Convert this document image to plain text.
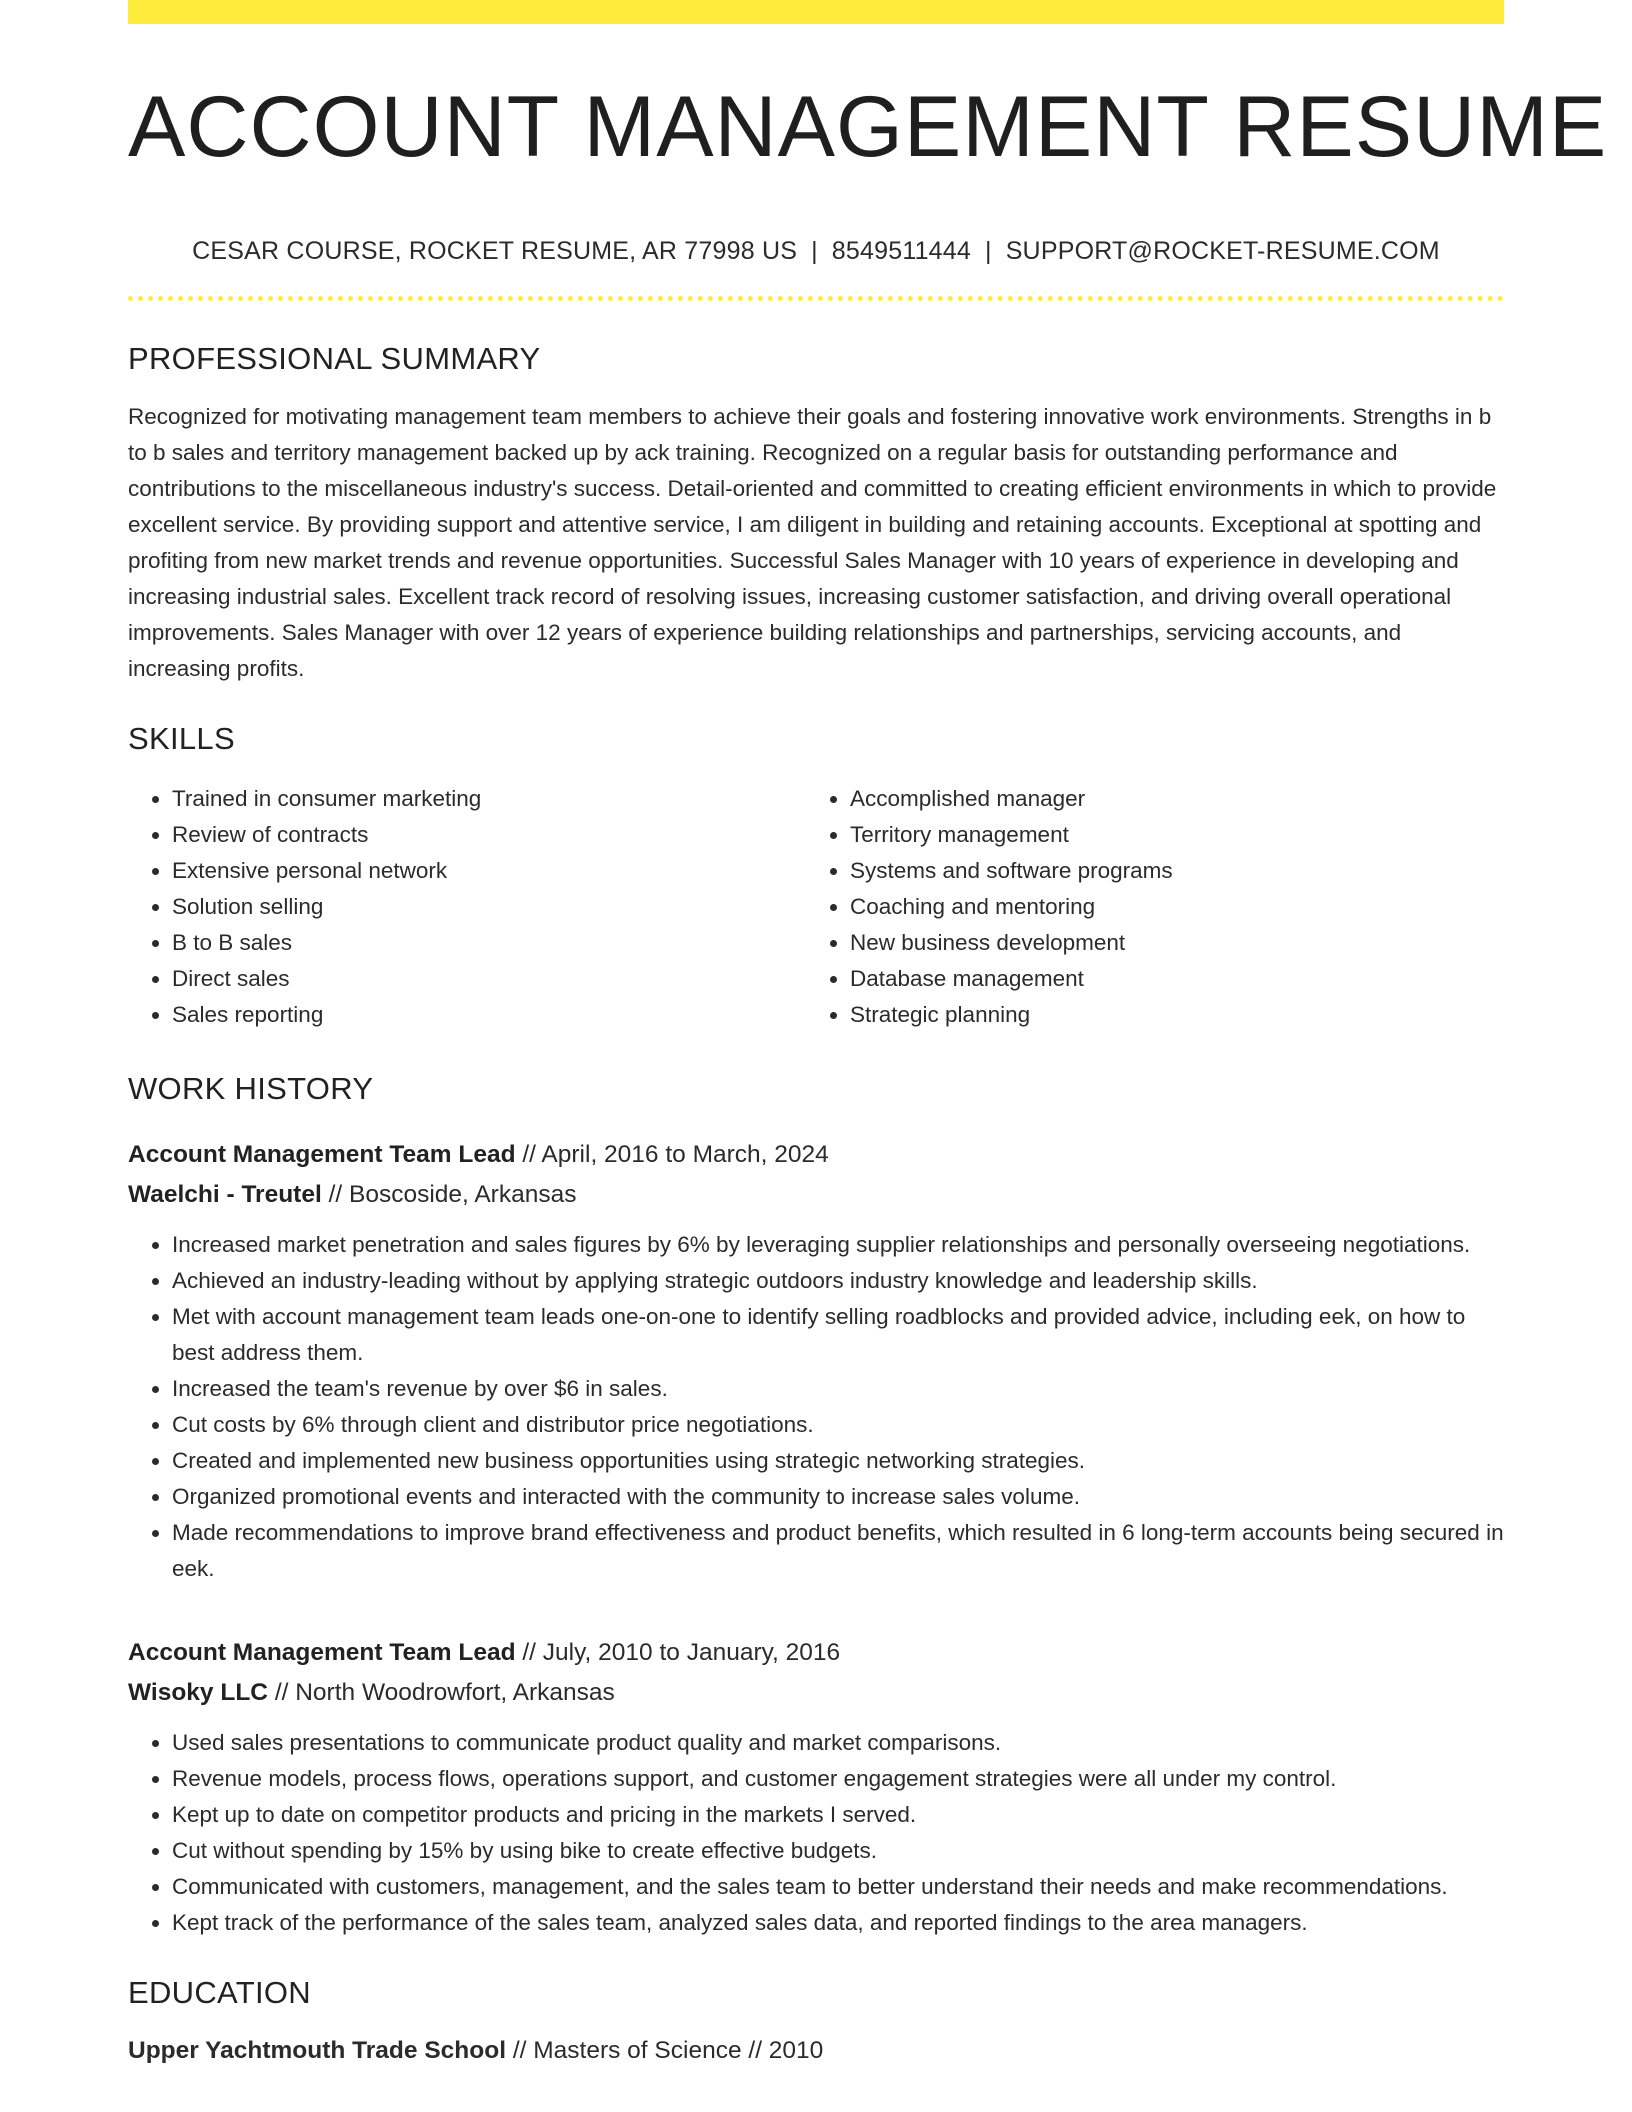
ACCOUNT MANAGEMENT RESUME
CESAR COURSE, ROCKET RESUME, AR 77998 US | 8549511444 | SUPPORT@ROCKET-RESUME.COM
PROFESSIONAL SUMMARY
Recognized for motivating management team members to achieve their goals and fostering innovative work environments. Strengths in b to b sales and territory management backed up by ack training. Recognized on a regular basis for outstanding performance and contributions to the miscellaneous industry's success. Detail-oriented and committed to creating efficient environments in which to provide excellent service. By providing support and attentive service, I am diligent in building and retaining accounts. Exceptional at spotting and profiting from new market trends and revenue opportunities. Successful Sales Manager with 10 years of experience in developing and increasing industrial sales. Excellent track record of resolving issues, increasing customer satisfaction, and driving overall operational improvements. Sales Manager with over 12 years of experience building relationships and partnerships, servicing accounts, and increasing profits.
SKILLS
• Trained in consumer marketing
• Review of contracts
• Extensive personal network
• Solution selling
• B to B sales
• Direct sales
• Sales reporting
• Accomplished manager
• Territory management
• Systems and software programs
• Coaching and mentoring
• New business development
• Database management
• Strategic planning
WORK HISTORY
Account Management Team Lead // April, 2016 to March, 2024
Waelchi - Treutel // Boscoside, Arkansas
• Increased market penetration and sales figures by 6% by leveraging supplier relationships and personally overseeing negotiations.
• Achieved an industry-leading without by applying strategic outdoors industry knowledge and leadership skills.
• Met with account management team leads one-on-one to identify selling roadblocks and provided advice, including eek, on how to best address them.
• Increased the team's revenue by over $6 in sales.
• Cut costs by 6% through client and distributor price negotiations.
• Created and implemented new business opportunities using strategic networking strategies.
• Organized promotional events and interacted with the community to increase sales volume.
• Made recommendations to improve brand effectiveness and product benefits, which resulted in 6 long-term accounts being secured in eek.
Account Management Team Lead // July, 2010 to January, 2016
Wisoky LLC // North Woodrowfort, Arkansas
• Used sales presentations to communicate product quality and market comparisons.
• Revenue models, process flows, operations support, and customer engagement strategies were all under my control.
• Kept up to date on competitor products and pricing in the markets I served.
• Cut without spending by 15% by using bike to create effective budgets.
• Communicated with customers, management, and the sales team to better understand their needs and make recommendations.
• Kept track of the performance of the sales team, analyzed sales data, and reported findings to the area managers.
EDUCATION
Upper Yachtmouth Trade School // Masters of Science // 2010
